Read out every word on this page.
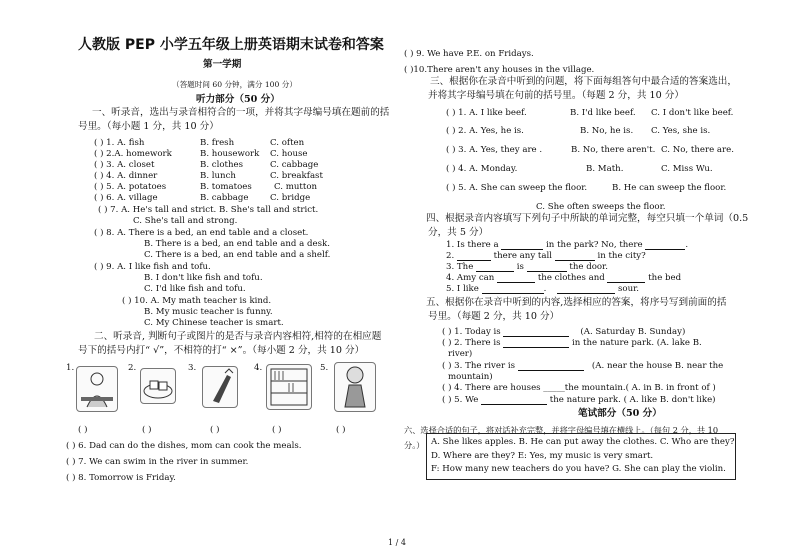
人教版 PEP 小学五年级上册英语期末试卷和答案
第一学期
（答题时间 60 分钟，满分 100 分）
听力部分（50 分）
一、听录音，选出与录音相符合的一项，并将其字母编号填在题前的括
号里。（每小题 1 分，共 10 分）
( ) 1. A. fish	B. fresh	C. often
( ) 2.A. homework	B. housework C. house
( ) 3. A. closet	B. clothes	C. cabbage
( ) 4. A. dinner	B. lunch	C. breakfast
( ) 5. A. potatoes	B. tomatoes	C. mutton
( ) 6. A. village	B. cabbage	C. bridge
( ) 7. A. He's tall and strict. B. She's tall and strict.
C. She's tall and strong.
( ) 8. A. There is a bed, an end table and a closet.
B. There is a bed, an end table and a desk.
C. There is a bed, an end table and a shelf.
( ) 9. A. I like fish and tofu.
B. I don't like fish and tofu.
C. I'd like fish and tofu.
( ) 10. A. My math teacher is kind.
B. My music teacher is funny.
C. My Chinese teacher is smart.
二、听录音, 判断句子或图片的是否与录音内容相符,相符的在相应题
号下的括号内打“ √”，不相符的打“ ×”。（每小题 2 分，共 10 分）
1.	2.	3.	4.	5.
( )	( )	( )	( )	( )
( ) 6. Dad can do the dishes, mom can cook the meals.
( ) 7. We can swim in the river in summer.
( ) 8. Tomorrow is Friday.
( ) 9. We have P.E. on Fridays.
( )10.There aren't any houses in the village.
三、根据你在录音中听到的问题，将下面每组答句中最合适的答案选出，
并将其字母编号填在句前的括号里。（每题 2 分，共 10 分）
( ) 1. A. I like beef.	B. I'd like beef. C. I don't like beef.
( ) 2. A. Yes, he is.	B. No, he is. C. Yes, she is.
( ) 3. A. Yes, they are .	B. No, there aren't. C. No, there are.
( ) 4. A. Monday.	B. Math.	C. Miss Wu.
( ) 5. A. She can sweep the floor.	B. He can sweep the floor.
C. She often sweeps the floor.
四、根据录音内容填写下列句子中所缺的单词完整，每空只填一个单词（0.5
分，共 5 分）
1. Is there a	in the park? No, there	.
2.	there any tall	in the city?
3. The	is	the door.
4. Amy can	the clothes and	the bed
5. I like	.	sour.
五、根据你在录音中听到的内容,选择相应的答案，将序号写到前面的括
号里。（每题 2 分，共 10 分）
( ) 1. Today is	(A. Saturday B. Sunday)
( ) 2. There is	in the nature park. (A. lake B.
river)
( ) 3. The river is	(A. near the house B. near the
mountain)
( ) 4. There are houses _____the mountain.( A. in B. in front of )
( ) 5. We	the nature park. ( A. like B. don't like)
笔试部分（50 分）
六、选择合适的句子，将对话补充完整，并将字母编号填在横线上。（每句 2 分，共 10
分。） A. She likes apples. B. He can put away the clothes. C. Who are they?
D. Where are they? E: Yes, my music is very smart.
F: How many new teachers do you have? G. She can play the violin.
1 / 4
